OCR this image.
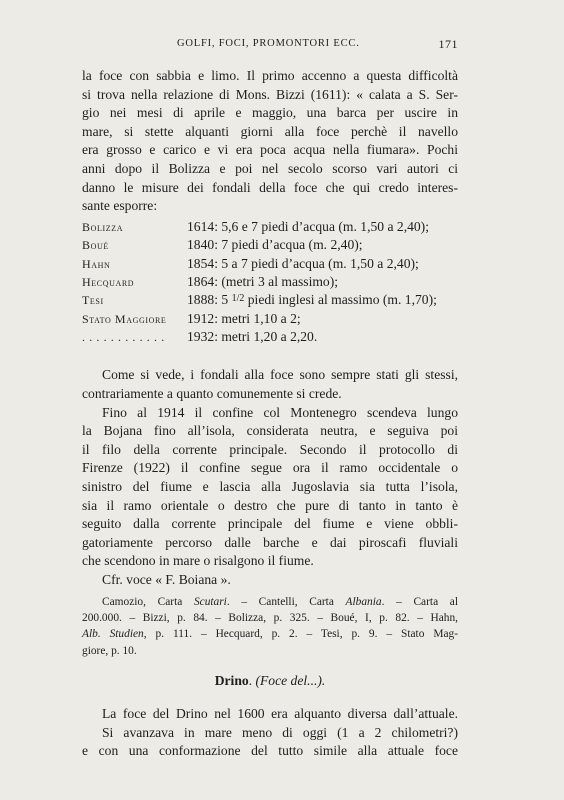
GOLFI, FOCI, PROMONTORI ECC.	171

la foce con sabbia e limo. Il primo accenno a questa difficoltà
si trova nella relazione di Mons. Bizzi (1611): « calata a S. Ser-
gio nei mesi di aprile e maggio, una barca per uscire in
mare, si stette alquanti giorni alla foce perchè il navello
era grosso e carico e vi era poca acqua nella fiumara». Pochi
anni dopo il Bolizza e poi nel secolo scorso vari autori ci
danno le misure dei fondali della foce che qui credo interes-
sante esporre:

Bolizza	1614: 5,6 e 7 piedi d’acqua (m. 1,50 a 2,40);
Boué	1840: 7 piedi d’acqua (m. 2,40);
Hahn	1854: 5 a 7 piedi d’acqua (m. 1,50 a 2,40);
Hecquard	1864: (metri 3 al massimo);
Tesi	1888: 5 $^{1/2}$ piedi inglesi al massimo (m. 1,70);
Stato Maggiore	1912: metri 1,10 a 2;
. . . . . . . . . . . .	1932: metri 1,20 a 2,20.

Come si vede, i fondali alla foce sono sempre stati gli stessi,
contrariamente a quanto comunemente si crede.

Fino al 1914 il confine col Montenegro scendeva lungo
la Bojana fino all’isola, considerata neutra, e seguiva poi
il filo della corrente principale. Secondo il protocollo di
Firenze (1922) il confine segue ora il ramo occidentale o
sinistro del fiume e lascia alla Jugoslavia sia tutta l’isola,
sia il ramo orientale o destro che pure di tanto in tanto è
seguito dalla corrente principale del fiume e viene obbli-
gatoriamente percorso dalle barche e dai piroscafi fluviali
che scendono in mare o risalgono il fiume.

Cfr. voce « F. Boiana ».

Camozio, Carta Scutari. – Cantelli, Carta Albania. – Carta al
200.000. – Bizzi, p. 84. – Bolizza, p. 325. – Boué, I, p. 82. – Hahn,
Alb. Studien, p. 111. – Hecquard, p. 2. – Tesi, p. 9. – Stato Mag-
giore, p. 10.

Drino. (Foce del...).

La foce del Drino nel 1600 era alquanto diversa dall’attuale.
Si avanzava in mare meno di oggi (1 a 2 chilometri?)
e con una conformazione del tutto simile alla attuale foce
